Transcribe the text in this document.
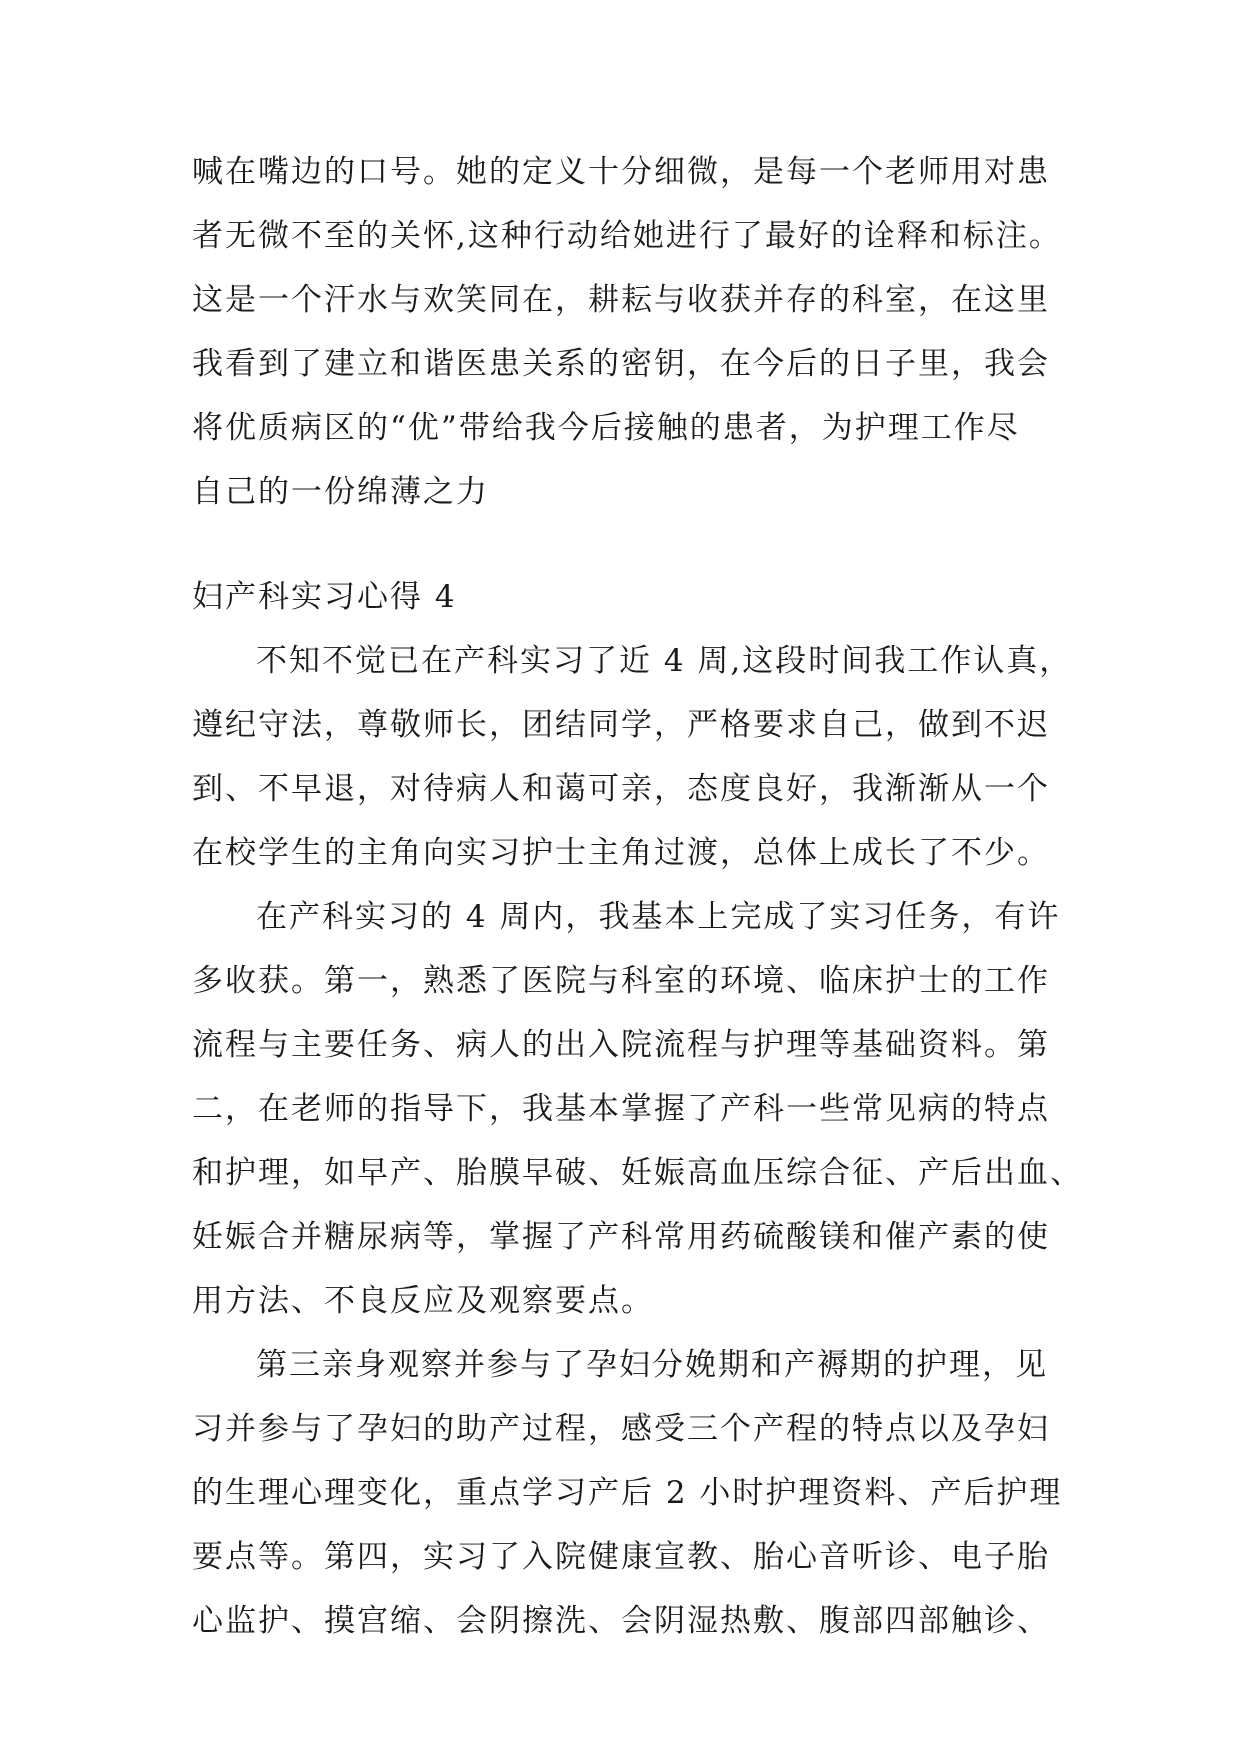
喊在嘴边的口号。她的定义十分细微，是每一个老师用对患
者无微不至的关怀,这种行动给她进行了最好的诠释和标注。
这是一个汗水与欢笑同在，耕耘与收获并存的科室，在这里
我看到了建立和谐医患关系的密钥，在今后的日子里，我会
将优质病区的“优”带给我今后接触的患者，为护理工作尽
自己的一份绵薄之力
妇产科实习心得 4
不知不觉已在产科实习了近 4 周,这段时间我工作认真，
遵纪守法，尊敬师长，团结同学，严格要求自己，做到不迟
到、不早退，对待病人和蔼可亲，态度良好，我渐渐从一个
在校学生的主角向实习护士主角过渡，总体上成长了不少。
在产科实习的 4 周内，我基本上完成了实习任务，有许
多收获。第一，熟悉了医院与科室的环境、临床护士的工作
流程与主要任务、病人的出入院流程与护理等基础资料。第
二，在老师的指导下，我基本掌握了产科一些常见病的特点
和护理，如早产、胎膜早破、妊娠高血压综合征、产后出血、
妊娠合并糖尿病等，掌握了产科常用药硫酸镁和催产素的使
用方法、不良反应及观察要点。
第三亲身观察并参与了孕妇分娩期和产褥期的护理，见
习并参与了孕妇的助产过程，感受三个产程的特点以及孕妇
的生理心理变化，重点学习产后 2 小时护理资料、产后护理
要点等。第四，实习了入院健康宣教、胎心音听诊、电子胎
心监护、摸宫缩、会阴擦洗、会阴湿热敷、腹部四部触诊、
